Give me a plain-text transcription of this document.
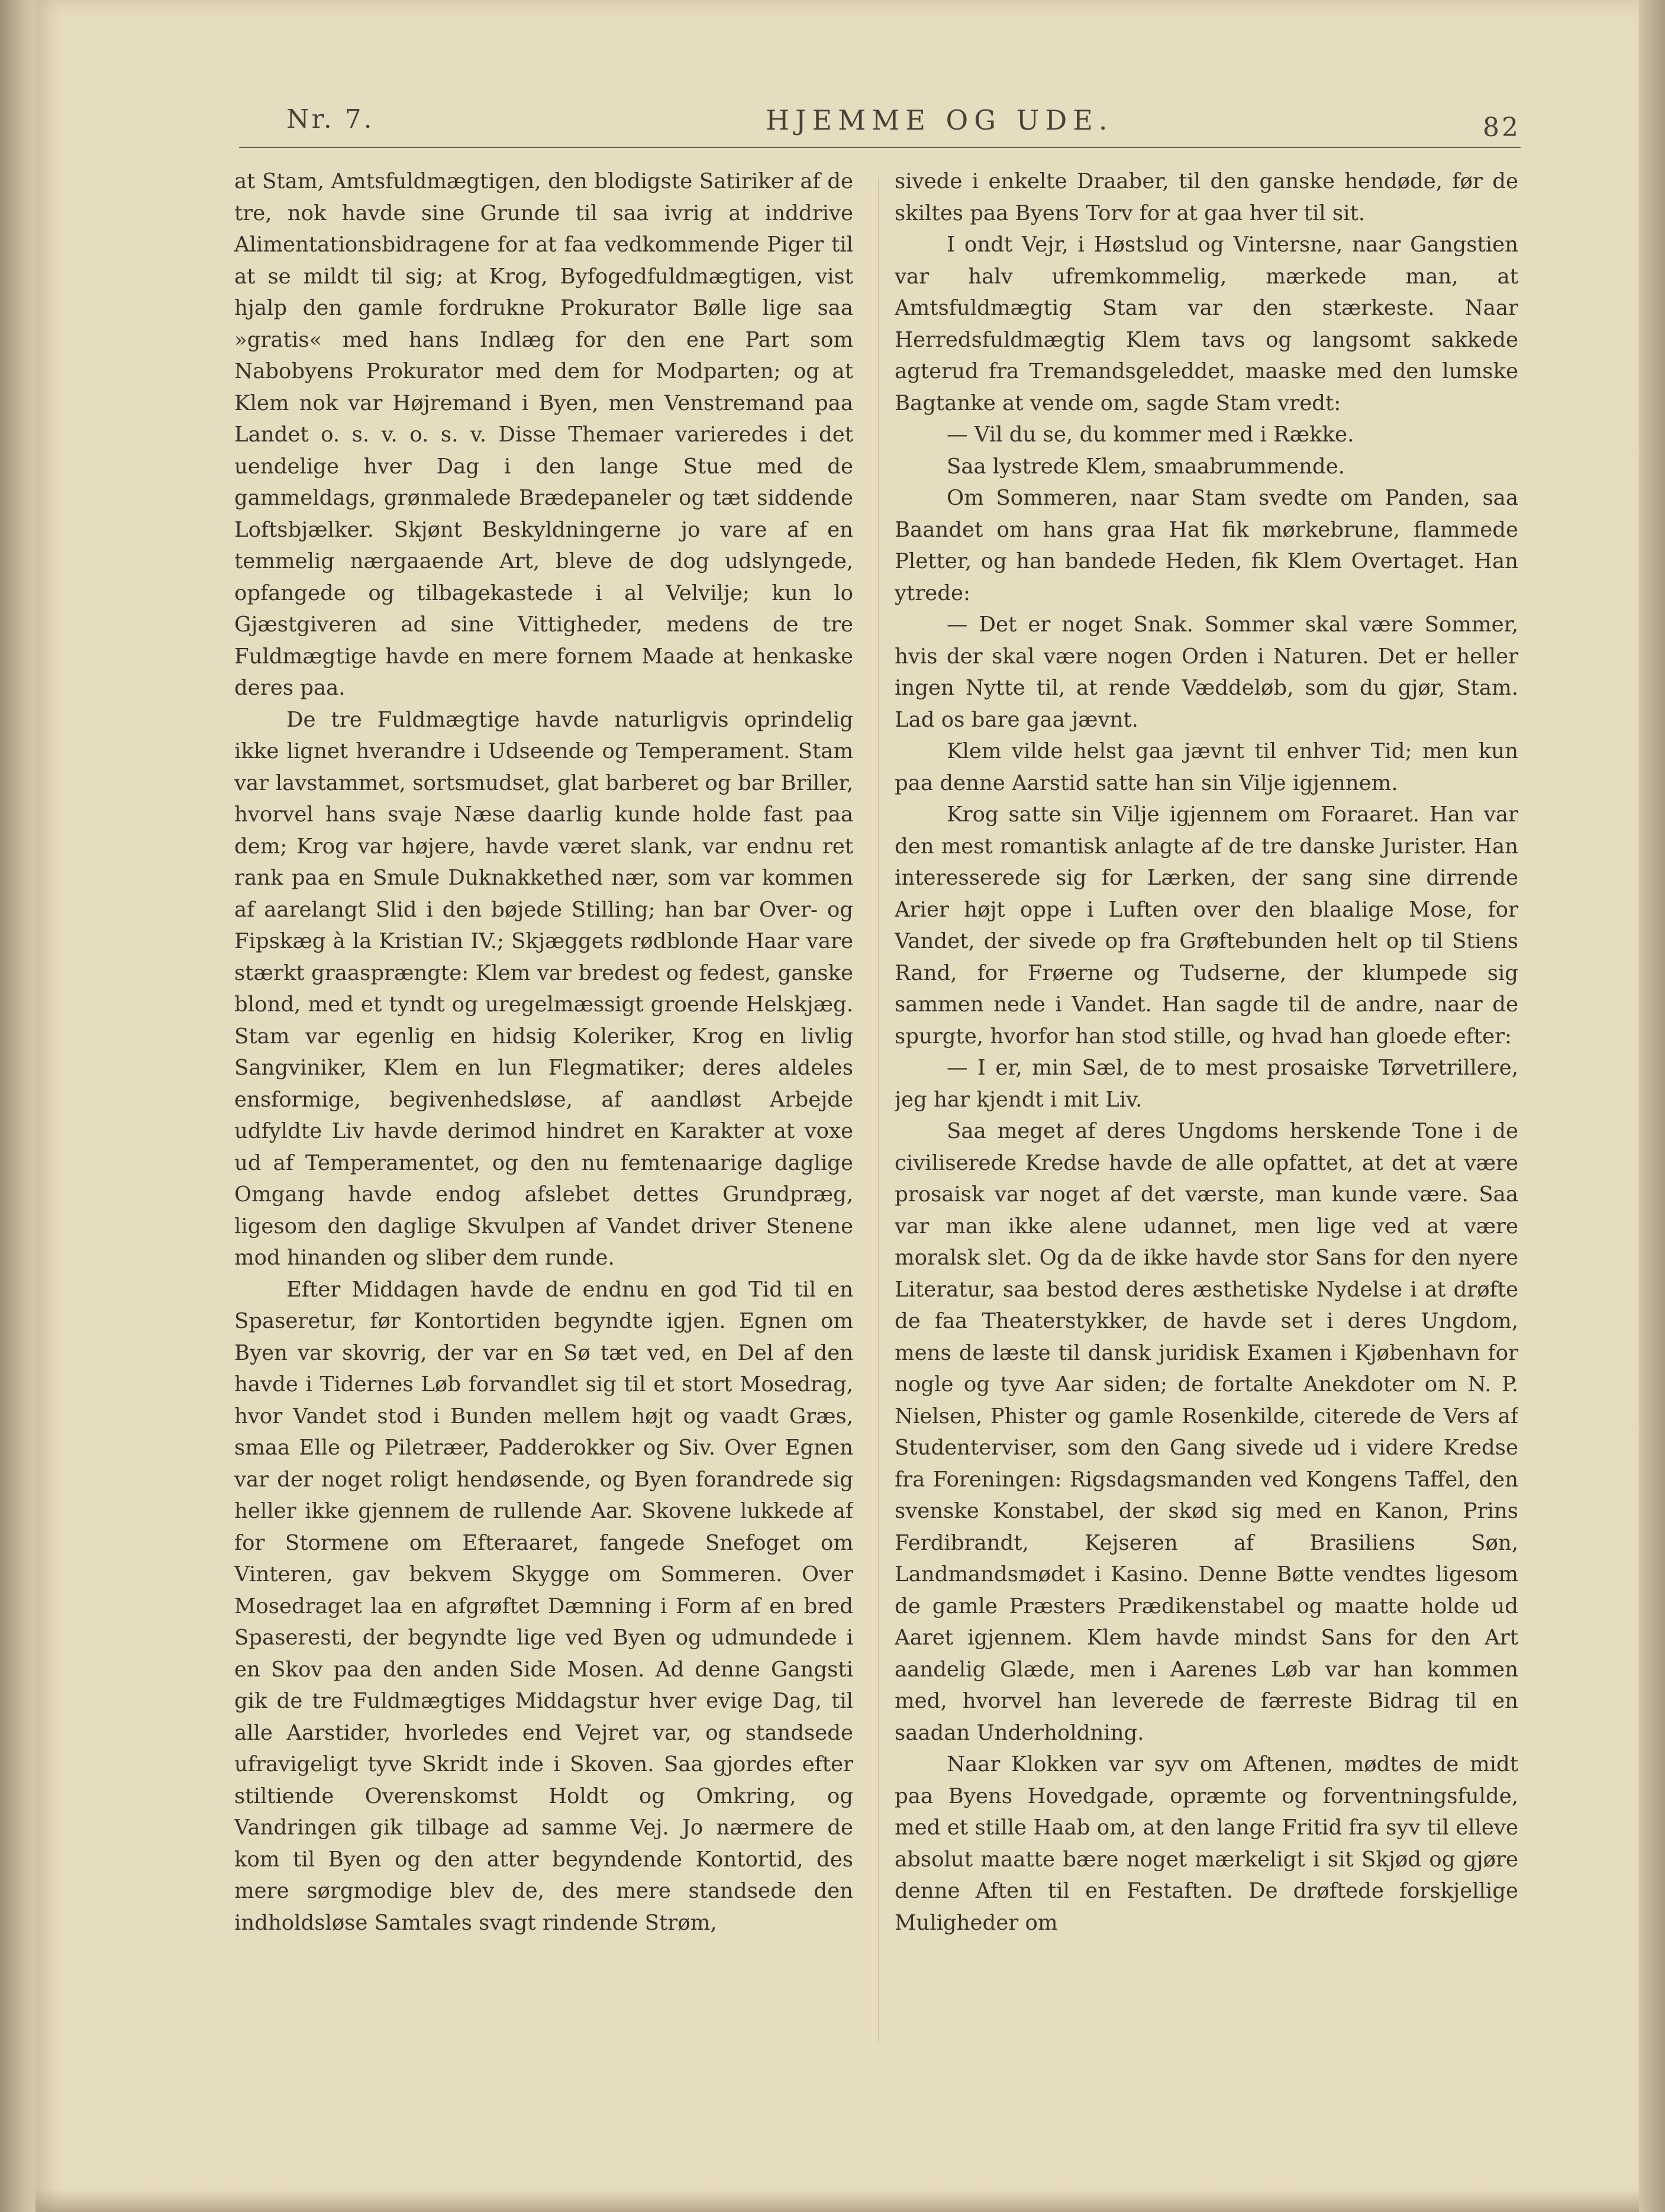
Nr. 7.	HJEMME OG UDE.	82

at Stam, Amtsfuldmægtigen, den blodigste Satiriker af de tre, nok havde sine Grunde til saa ivrig at inddrive Alimentationsbidragene for at faa vedkommende Piger til at se mildt til sig; at Krog, Byfogedfuldmægtigen, vist hjalp den gamle fordrukne Prokurator Bølle lige saa »gratis« med hans Indlæg for den ene Part som Nabobyens Prokurator med dem for Modparten; og at Klem nok var Højremand i Byen, men Venstremand paa Landet o. s. v. o. s. v. Disse Themaer varieredes i det uendelige hver Dag i den lange Stue med de gammeldags, grønmalede Brædepaneler og tæt siddende Loftsbjælker. Skjønt Beskyldningerne jo vare af en temmelig nærgaaende Art, bleve de dog udslyngede, opfangede og tilbagekastede i al Velvilje; kun lo Gjæstgiveren ad sine Vittigheder, medens de tre Fuldmægtige havde en mere fornem Maade at henkaske deres paa.

De tre Fuldmægtige havde naturligvis oprindelig ikke lignet hverandre i Udseende og Temperament. Stam var lavstammet, sortsmudset, glat barberet og bar Briller, hvorvel hans svaje Næse daarlig kunde holde fast paa dem; Krog var højere, havde været slank, var endnu ret rank paa en Smule Duknakkethed nær, som var kommen af aarelangt Slid i den bøjede Stilling; han bar Over- og Fipskæg à la Kristian IV.; Skjæggets rødblonde Haar vare stærkt graasprængte: Klem var bredest og fedest, ganske blond, med et tyndt og uregelmæssigt groende Helskjæg. Stam var egenlig en hidsig Koleriker, Krog en livlig Sangviniker, Klem en lun Flegmatiker; deres aldeles ensformige, begivenhedsløse, af aandløst Arbejde udfyldte Liv havde derimod hindret en Karakter at voxe ud af Temperamentet, og den nu femtenaarige daglige Omgang havde endog afslebet dettes Grundpræg, ligesom den daglige Skvulpen af Vandet driver Stenene mod hinanden og sliber dem runde.

Efter Middagen havde de endnu en god Tid til en Spaseretur, før Kontortiden begyndte igjen. Egnen om Byen var skovrig, der var en Sø tæt ved, en Del af den havde i Tidernes Løb forvandlet sig til et stort Mosedrag, hvor Vandet stod i Bunden mellem højt og vaadt Græs, smaa Elle og Piletræer, Padderokker og Siv. Over Egnen var der noget roligt hendøsende, og Byen forandrede sig heller ikke gjennem de rullende Aar. Skovene lukkede af for Stormene om Efteraaret, fangede Snefoget om Vinteren, gav bekvem Skygge om Sommeren. Over Mosedraget laa en afgrøftet Dæmning i Form af en bred Spaseresti, der begyndte lige ved Byen og udmundede i en Skov paa den anden Side Mosen. Ad denne Gangsti gik de tre Fuldmægtiges Middagstur hver evige Dag, til alle Aarstider, hvorledes end Vejret var, og standsede ufravigeligt tyve Skridt inde i Skoven. Saa gjordes efter stiltiende Overenskomst Holdt og Omkring, og Vandringen gik tilbage ad samme Vej. Jo nærmere de kom til Byen og den atter begyndende Kontortid, des mere sørgmodige blev de, des mere standsede den indholdsløse Samtales svagt rindende Strøm,

sivede i enkelte Draaber, til den ganske hendøde, før de skiltes paa Byens Torv for at gaa hver til sit.

I ondt Vejr, i Høstslud og Vintersne, naar Gangstien var halv ufremkommelig, mærkede man, at Amtsfuldmægtig Stam var den stærkeste. Naar Herredsfuldmægtig Klem tavs og langsomt sakkede agterud fra Tremandsgeleddet, maaske med den lumske Bagtanke at vende om, sagde Stam vredt:

— Vil du se, du kommer med i Række.

Saa lystrede Klem, smaabrummende.

Om Sommeren, naar Stam svedte om Panden, saa Baandet om hans graa Hat fik mørkebrune, flammede Pletter, og han bandede Heden, fik Klem Overtaget. Han ytrede:

— Det er noget Snak. Sommer skal være Sommer, hvis der skal være nogen Orden i Naturen. Det er heller ingen Nytte til, at rende Væddeløb, som du gjør, Stam. Lad os bare gaa jævnt.

Klem vilde helst gaa jævnt til enhver Tid; men kun paa denne Aarstid satte han sin Vilje igjennem.

Krog satte sin Vilje igjennem om Foraaret. Han var den mest romantisk anlagte af de tre danske Jurister. Han interesserede sig for Lærken, der sang sine dirrende Arier højt oppe i Luften over den blaalige Mose, for Vandet, der sivede op fra Grøftebunden helt op til Stiens Rand, for Frøerne og Tudserne, der klumpede sig sammen nede i Vandet. Han sagde til de andre, naar de spurgte, hvorfor han stod stille, og hvad han gloede efter:

— I er, min Sæl, de to mest prosaiske Tørvetrillere, jeg har kjendt i mit Liv.

Saa meget af deres Ungdoms herskende Tone i de civiliserede Kredse havde de alle opfattet, at det at være prosaisk var noget af det værste, man kunde være. Saa var man ikke alene udannet, men lige ved at være moralsk slet. Og da de ikke havde stor Sans for den nyere Literatur, saa bestod deres æsthetiske Nydelse i at drøfte de faa Theaterstykker, de havde set i deres Ungdom, mens de læste til dansk juridisk Examen i Kjøbenhavn for nogle og tyve Aar siden; de fortalte Anekdoter om N. P. Nielsen, Phister og gamle Rosenkilde, citerede de Vers af Studenterviser, som den Gang sivede ud i videre Kredse fra Foreningen: Rigsdagsmanden ved Kongens Taffel, den svenske Konstabel, der skød sig med en Kanon, Prins Ferdibrandt, Kejseren af Brasiliens Søn, Landmandsmødet i Kasino. Denne Bøtte vendtes ligesom de gamle Præsters Prædikenstabel og maatte holde ud Aaret igjennem. Klem havde mindst Sans for den Art aandelig Glæde, men i Aarenes Løb var han kommen med, hvorvel han leverede de færreste Bidrag til en saadan Underholdning.

Naar Klokken var syv om Aftenen, mødtes de midt paa Byens Hovedgade, opræmte og forventningsfulde, med et stille Haab om, at den lange Fritid fra syv til elleve absolut maatte bære noget mærkeligt i sit Skjød og gjøre denne Aften til en Festaften. De drøftede forskjellige Muligheder om
